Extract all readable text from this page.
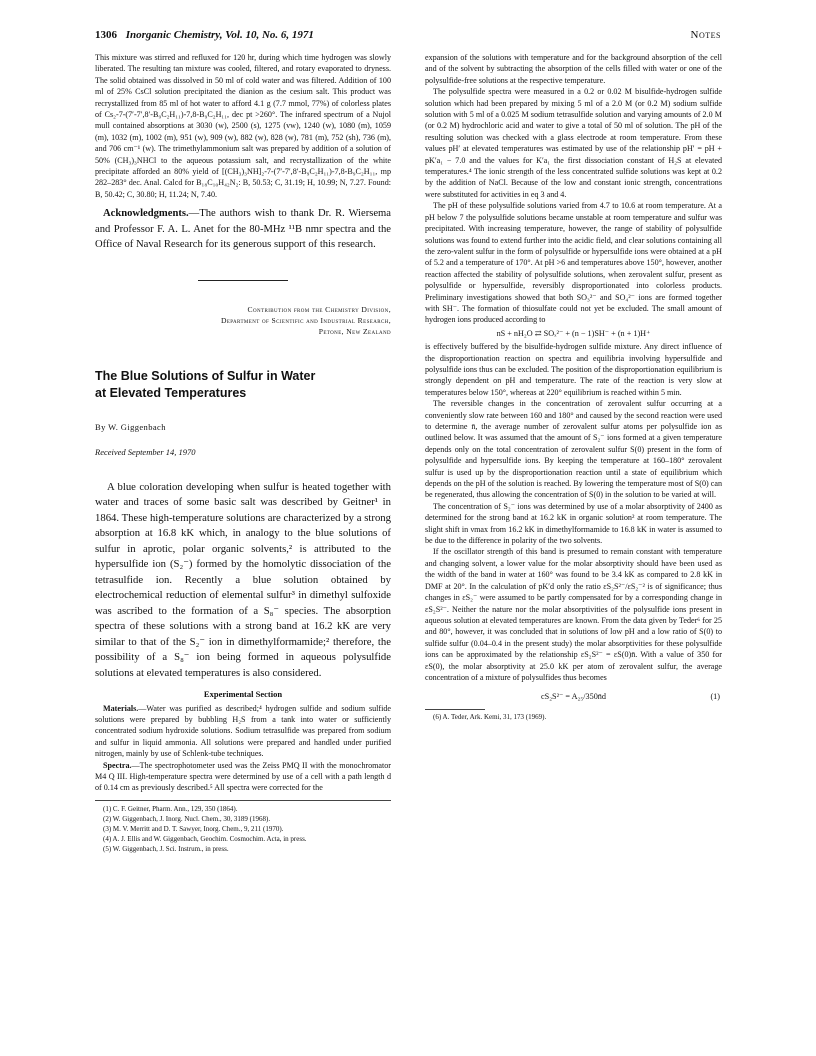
1306 Inorganic Chemistry, Vol. 10, No. 6, 1971	Notes

This mixture was stirred and refluxed for 120 hr, during which time hydrogen was slowly liberated. The resulting tan mixture was cooled, filtered, and rotary evaporated to dryness. The solid obtained was dissolved in 50 ml of cold water and was filtered. Addition of 100 ml of 25% CsCl solution precipitated the dianion as the cesium salt. This product was recrystallized from 85 ml of hot water to afford 4.1 g (7.7 mmol, 77%) of colorless plates of Cs₂-7-(7′-7′,8′-B₉C₂H₁₁)-7,8-B₉C₂H₁₁, dec pt >260°. The infrared spectrum of a Nujol mull contained absorptions at 3030 (w), 2500 (s), 1275 (vw), 1240 (w), 1080 (m), 1059 (m), 1032 (m), 1002 (m), 951 (w), 909 (w), 882 (w), 828 (w), 781 (m), 752 (sh), 736 (m), and 706 cm⁻¹ (w). The trimethylammonium salt was prepared by addition of a solution of 50% (CH₃)₃NHCl to the aqueous potassium salt, and recrystallization of the white precipitate afforded an 80% yield of [(CH₃)₃NH]₂-7-(7′-7′,8′-B₉C₂H₁₁)-7,8-B₉C₂H₁₁, mp 282–283° dec. Anal. Calcd for B₁₈C₁₀H₄₂N₂: B, 50.53; C, 31.19; H, 10.99; N, 7.27. Found: B, 50.42; C, 30.80; H, 11.24; N, 7.40.

Acknowledgments.—The authors wish to thank Dr. R. Wiersema and Professor F. A. L. Anet for the 80-MHz ¹¹B nmr spectra and the Office of Naval Research for its generous support of this research.

Contribution from the Chemistry Division,
Department of Scientific and Industrial Research,
Petone, New Zealand
The Blue Solutions of Sulfur in Water
at Elevated Temperatures
By W. Giggenbach
Received September 14, 1970

A blue coloration developing when sulfur is heated together with water and traces of some basic salt was described by Geitner¹ in 1864. These high-temperature solutions are characterized by a strong absorption at 16.8 kK which, in analogy to the blue solutions of sulfur in aprotic, polar organic solvents,² is attributed to the hypersulfide ion (S₂⁻) formed by the homolytic dissociation of the tetrasulfide ion. Recently a blue solution obtained by electrochemical reduction of elemental sulfur³ in dimethyl sulfoxide was ascribed to the formation of a S₈⁻ species. The absorption spectra of these solutions with a strong band at 16.2 kK are very similar to that of the S₂⁻ ion in dimethylformamide;² therefore, the possibility of a S₈⁻ ion being formed in aqueous polysulfide solutions at elevated temperatures is also considered.

Experimental Section

Materials.—Water was purified as described;⁴ hydrogen sulfide and sodium sulfide solutions were prepared by bubbling H₂S from a tank into water or sufficiently concentrated sodium hydroxide solutions. Sodium tetrasulfide was prepared from sodium and sulfur in liquid ammonia. All solutions were prepared and handled under purified nitrogen, mainly by use of Schlenk-tube techniques.

Spectra.—The spectrophotometer used was the Zeiss PMQ II with the monochromator M4 Q III. High-temperature spectra were determined by use of a cell with a path length d of 0.14 cm as previously described.⁵ All spectra were corrected for the

(1) C. F. Geitner, Pharm. Ann., 129, 350 (1864).
(2) W. Giggenbach, J. Inorg. Nucl. Chem., 30, 3189 (1968).
(3) M. V. Merritt and D. T. Sawyer, Inorg. Chem., 9, 211 (1970).
(4) A. J. Ellis and W. Giggenbach, Geochim. Cosmochim. Acta, in press.
(5) W. Giggenbach, J. Sci. Instrum., in press.

expansion of the solutions with temperature and for the background absorption of the cell and of the solvent by subtracting the absorption of the cells filled with water or one of the polysulfide-free solutions at the respective temperature.

The polysulfide spectra were measured in a 0.2 or 0.02 M bisulfide-hydrogen sulfide solution which had been prepared by mixing 5 ml of a 2.0 M (or 0.2 M) sodium sulfide solution with 5 ml of a 0.025 M sodium tetrasulfide solution and varying amounts of 2.0 M (or 0.2 M) hydrochloric acid and water to give a total of 50 ml of solution. The pH of the resulting solution was checked with a glass electrode at room temperature. From these values pH′ at elevated temperatures was estimated by use of the relationship pH′ = pH + pK′a₁ − 7.0 and the values for K′a₁ the first dissociation constant of H₂S at elevated temperatures.⁴ The ionic strength of the less concentrated sulfide solutions was kept at 0.2 by the addition of NaCl. Because of the low and constant ionic strength, concentrations were substituted for activities in eq 3 and 4.

The pH of these polysulfide solutions varied from 4.7 to 10.6 at room temperature. At a pH below 7 the polysulfide solutions became unstable at room temperature and sulfur was precipitated. With increasing temperature, however, the range of stability of polysulfide solutions was found to extend further into the acidic field, and clear solutions containing all the zero-valent sulfur in the form of polysulfide or hypersulfide ions were obtained at a pH of 5.2 and a temperature of 170°. At pH >6 and temperatures above 150°, however, another reaction affected the stability of polysulfide solutions, when zerovalent sulfur, present as polysulfide or hypersulfide, reversibly disproportionated into colorless products. Preliminary investigations showed that both SO₃²⁻ and SO₄²⁻ ions are formed together with SH⁻. The formation of thiosulfate could not yet be excluded. The small amount of hydrogen ions produced according to

nS + nH₂O ⇄ SOₓ²⁻ + (n − 1)SH⁻ + (n + 1)H⁺

is effectively buffered by the bisulfide-hydrogen sulfide mixture. Any direct influence of the disproportionation reaction on spectra and equilibria involving hypersulfide and polysulfide ions thus can be excluded. The position of the disproportionation equilibrium is strongly dependent on pH and temperature. The rate of the reaction is very slow at temperatures below 150°, whereas at 220° equilibrium is reached within 5 min.

The reversible changes in the concentration of zerovalent sulfur occurring at a conveniently slow rate between 160 and 180° and caused by the second reaction were used to determine n̄, the average number of zerovalent sulfur atoms per polysulfide ion as outlined below. It was assumed that the amount of S₂⁻ ions formed at a given temperature depends only on the total concentration of zerovalent sulfur S(0) present in the form of polysulfide and hypersulfide ions. By keeping the temperature at 160–180° zerovalent sulfur is used up by the disproportionation reaction until a state of equilibrium which depends on the pH of the solution is reached. By lowering the temperature most of S(0) can be regenerated, thus allowing the concentration of S(0) in the solution to be varied at will.

The concentration of S₂⁻ ions was determined by use of a molar absorptivity of 2400 as determined for the strong band at 16.2 kK in organic solution² at room temperature. The slight shift in νmax from 16.2 kK in dimethylformamide to 16.8 kK in water is assumed to be due to the difference in polarity of the two solvents.

If the oscillator strength of this band is presumed to remain constant with temperature and changing solvent, a lower value for the molar absorptivity should have been used as the width of the band in water at 160° was found to be 3.4 kK as compared to 2.8 kK in DMF at 20°. In the calculation of pK′d only the ratio εS₂S²⁻/εS₂⁻² is of significance; thus changes in εS₂⁻ were assumed to be partly compensated for by a corresponding change in εS₂S²⁻. Neither the nature nor the molar absorptivities of the polysulfide ions present in aqueous solution at elevated temperatures are known. From the data given by Teder⁶ for 25 and 80°, however, it was concluded that in solutions of low pH and a low ratio of S(0) to sulfide sulfur (0.04–0.4 in the present study) the molar absorptivities for these polysulfide ions can be approximated by the relationship εS₂S²⁻ = εS(0)n̄. With a value of 350 for εS(0), the molar absorptivity at 25.0 kK per atom of zerovalent sulfur, the average concentration of a mixture of polysulfides thus becomes

cS₂S²⁻ = A₂₅/350n̄d	(1)
(6) A. Teder, Ark. Kemi, 31, 173 (1969).
